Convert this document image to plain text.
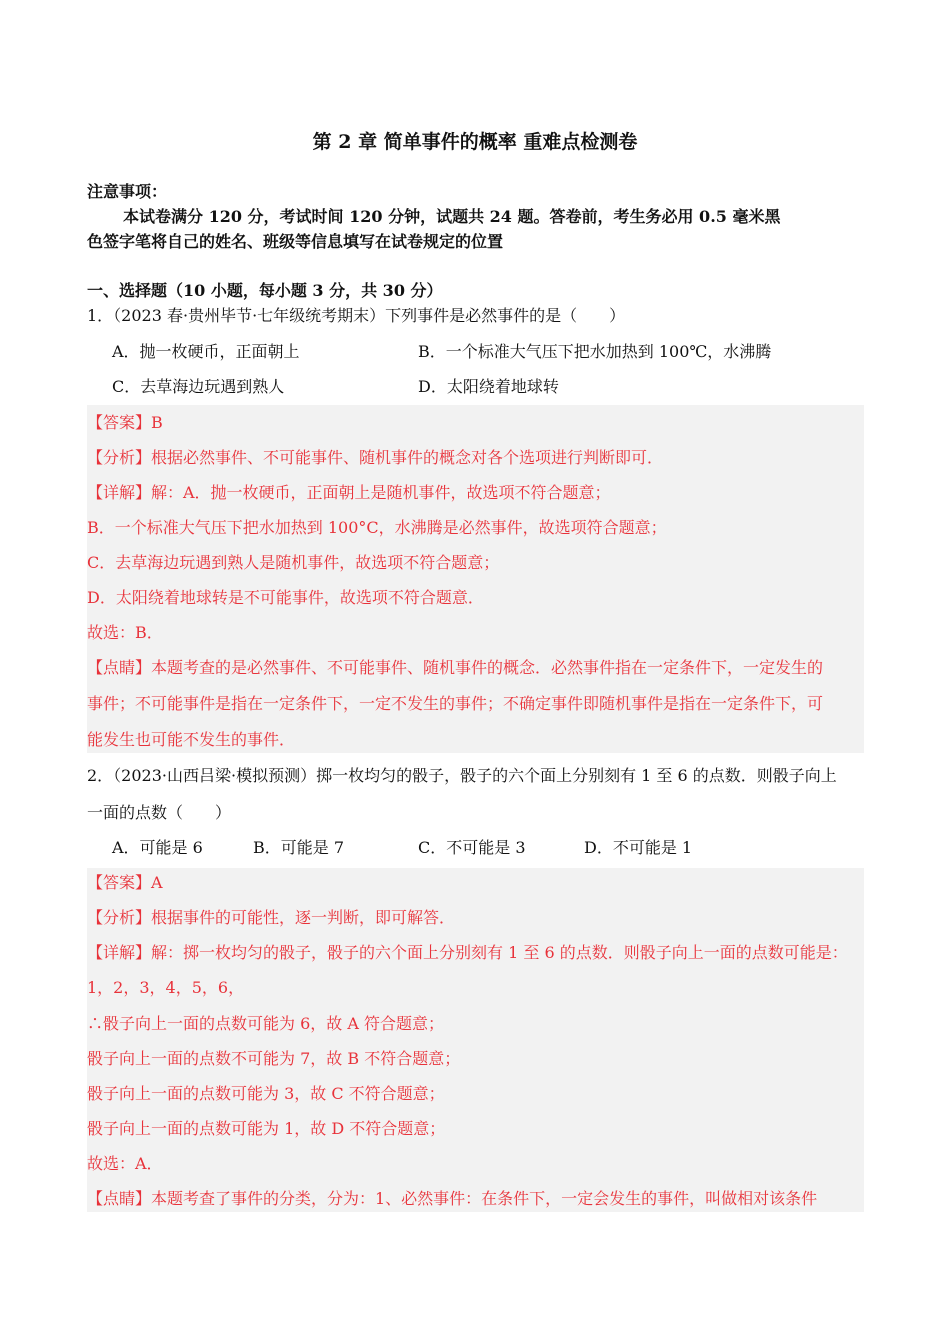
第 2 章 简单事件的概率 重难点检测卷
注意事项：
本试卷满分 120 分，考试时间 120 分钟，试题共 24 题。答卷前，考生务必用 0.5 毫米黑
色签字笔将自己的姓名、班级等信息填写在试卷规定的位置
一、选择题（10 小题，每小题 3 分，共 30 分）
1．（2023 春·贵州毕节·七年级统考期末）下列事件是必然事件的是（　　）
A．抛一枚硬币，正面朝上	B．一个标准大气压下把水加热到 100℃，水沸腾
C．去草海边玩遇到熟人	D．太阳绕着地球转
【答案】B
【分析】根据必然事件、不可能事件、随机事件的概念对各个选项进行判断即可．
【详解】解：A．抛一枚硬币，正面朝上是随机事件，故选项不符合题意；
B．一个标准大气压下把水加热到 100°C，水沸腾是必然事件，故选项符合题意；
C．去草海边玩遇到熟人是随机事件，故选项不符合题意；
D．太阳绕着地球转是不可能事件，故选项不符合题意．
故选：B．
【点睛】本题考查的是必然事件、不可能事件、随机事件的概念．必然事件指在一定条件下，一定发生的
事件；不可能事件是指在一定条件下，一定不发生的事件；不确定事件即随机事件是指在一定条件下，可
能发生也可能不发生的事件．
2．（2023·山西吕梁·模拟预测）掷一枚均匀的骰子，骰子的六个面上分别刻有 1 至 6 的点数．则骰子向上
一面的点数（　　）
A．可能是 6	B．可能是 7	C．不可能是 3	D．不可能是 1
【答案】A
【分析】根据事件的可能性，逐一判断，即可解答．
【详解】解：掷一枚均匀的骰子，骰子的六个面上分别刻有 1 至 6 的点数．则骰子向上一面的点数可能是：
1，2，3，4，5，6，
∴骰子向上一面的点数可能为 6，故 A 符合题意；
骰子向上一面的点数不可能为 7，故 B 不符合题意；
骰子向上一面的点数可能为 3，故 C 不符合题意；
骰子向上一面的点数可能为 1，故 D 不符合题意；
故选：A．
【点睛】本题考查了事件的分类，分为：1、必然事件：在条件下，一定会发生的事件，叫做相对该条件
